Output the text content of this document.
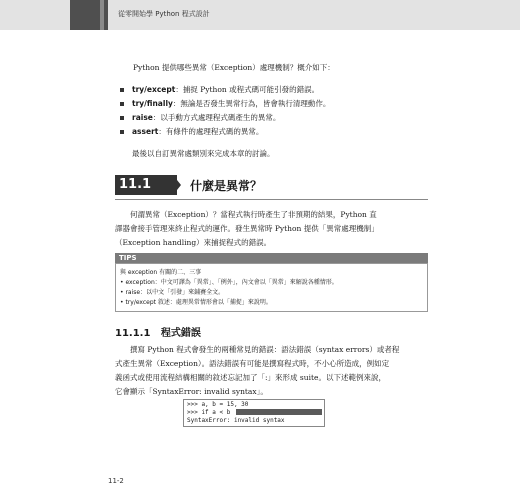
從零開始學 Python 程式設計
Python 提供哪些異常（Exception）處理機制？概介如下：
try/except：捕捉 Python 或程式碼可能引發的錯誤。
try/finally：無論是否發生異常行為，皆會執行清理動作。
raise：以手動方式處理程式碼產生的異常。
assert：有條件的處理程式碼的異常。
最後以自訂異常處類別來完成本章的討論。
11.1	什麼是異常？
何謂異常（Exception）？當程式執行時產生了非預期的結果，Python 直
譯器會接手管理來終止程式的運作。發生異常時 Python 提供「異常處理機制」
（Exception handling）來捕捉程式的錯誤。
TIPS
與 exception 有關的二、三事
• exception：中文可譯為「異常」、「例外」，內文會以「異常」來解說各種情形。
• raise：以中文「引發」來鋪賽全文。
• try/except 敘述：處理異常情形會以「捕捉」來說明。
11.1.1 程式錯誤
撰寫 Python 程式會發生的兩種常見的錯誤：語法錯誤（syntax errors）或者程
式產生異常（Exception）。語法錯誤有可能是撰寫程式時，不小心所造成，例如定
義函式或使用流程結構相關的敘述忘記加了「:」來形成 suite。以下述範例來說，
>>> a, b = 15, 30
>>> if a < b
SyntaxError: invalid syntax
它會顯示「SyntaxError: invalid syntax」。
11-2
